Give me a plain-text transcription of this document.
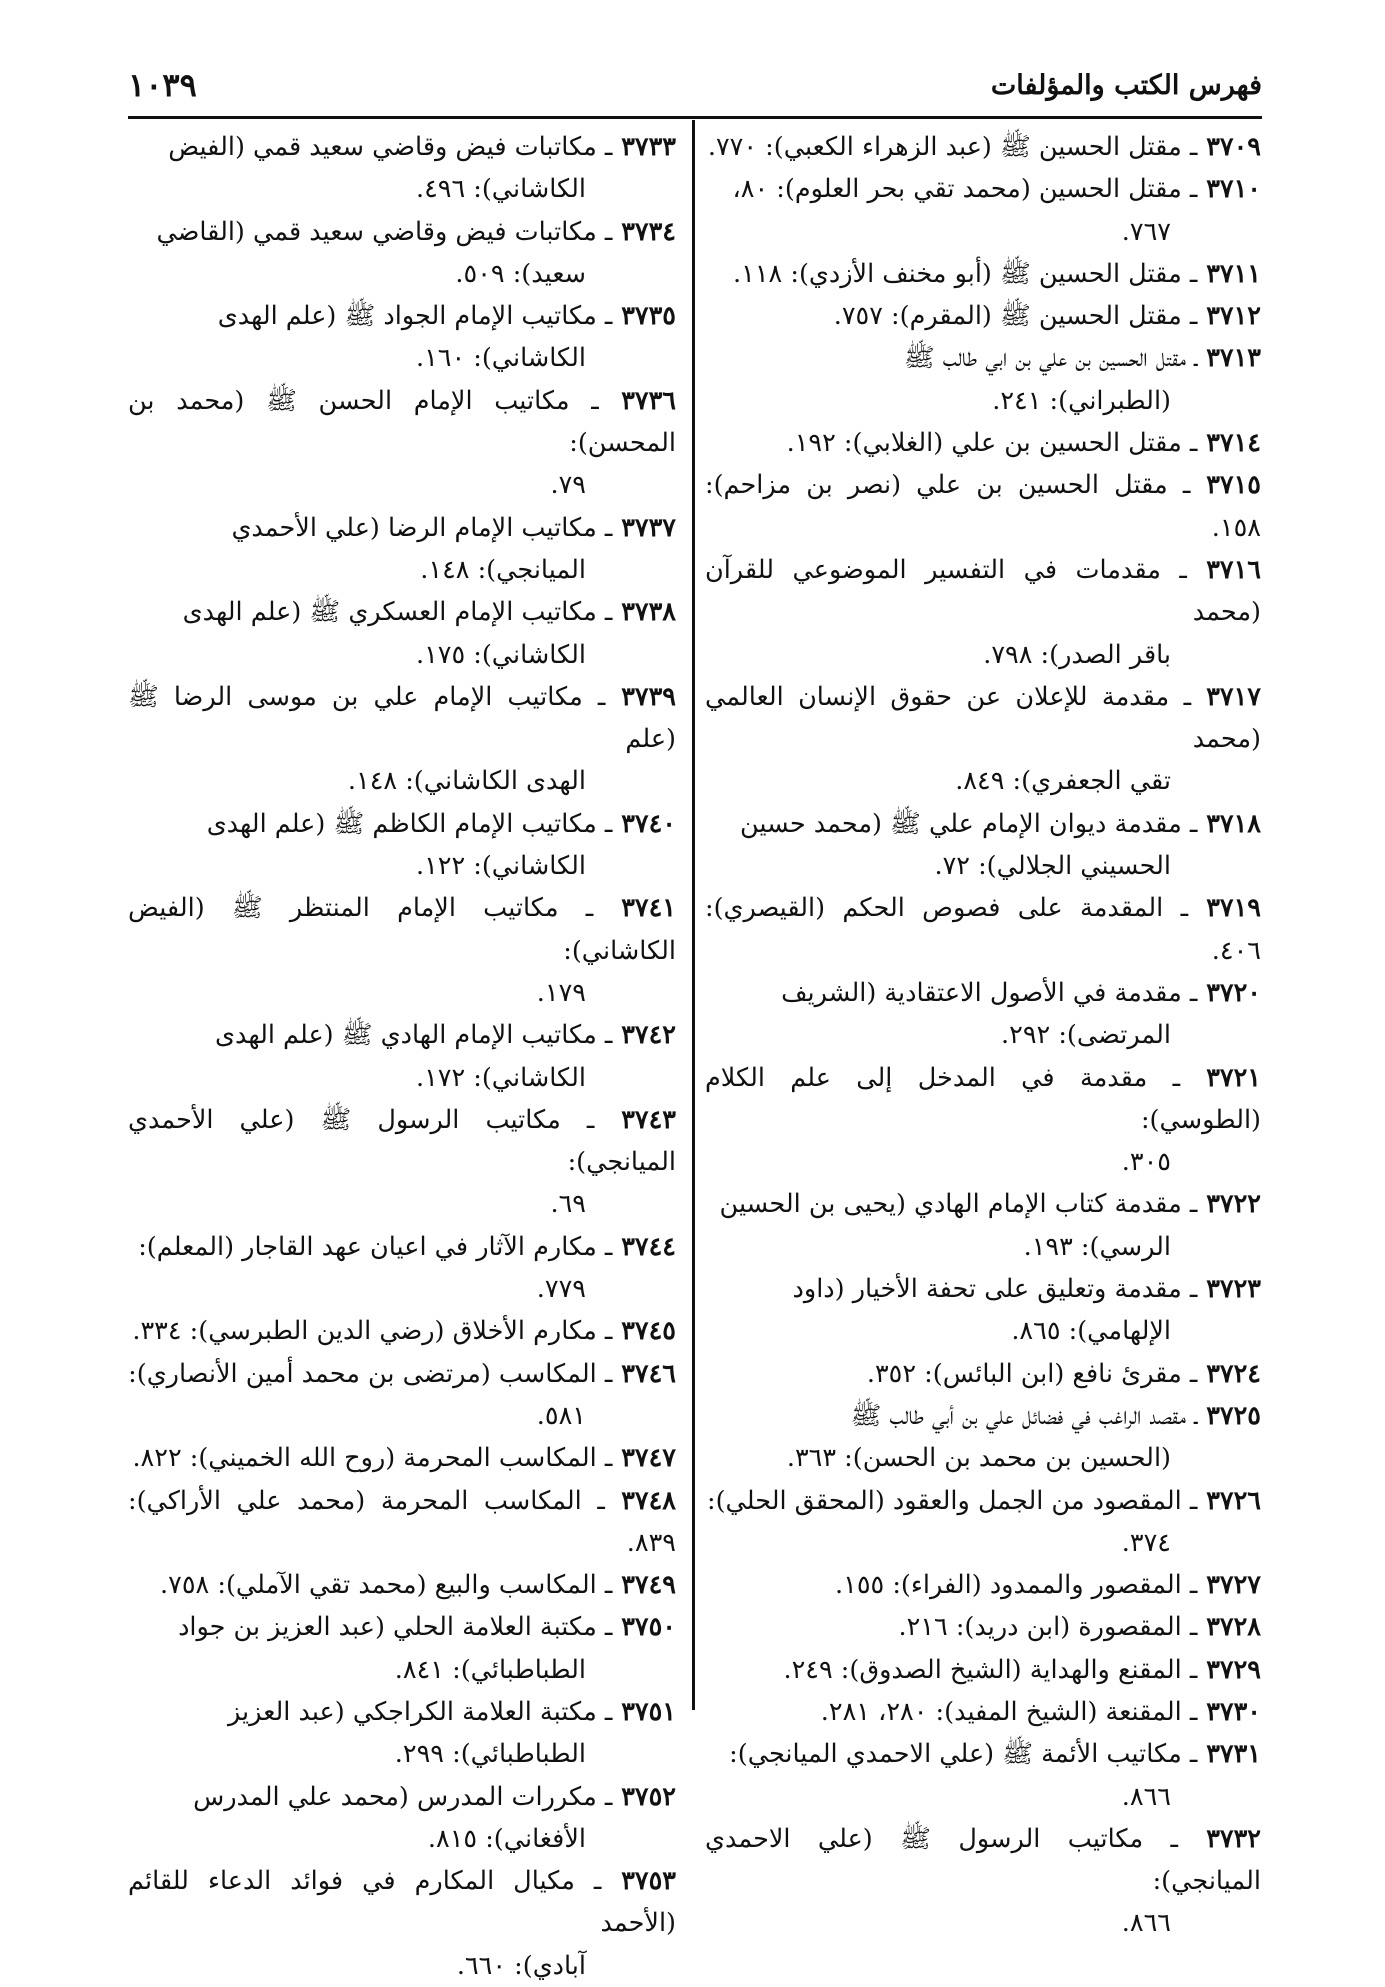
فهرس الكتب والمؤلفات
١٠٣٩

٣٧٠٩ ـ مقتل الحسين ﷺ (عبد الزهراء الكعبي): ٧٧٠.

٣٧١٠ ـ مقتل الحسين (محمد تقي بحر العلوم): ٨٠،
٧٦٧.

٣٧١١ ـ مقتل الحسين ﷺ (أبو مخنف الأزدي): ١١٨.

٣٧١٢ ـ مقتل الحسين ﷺ (المقرم): ٧٥٧.

٣٧١٣ ـ مقتل الحسين بن علي بن ابي طالب ﷺ
(الطبراني): ٢٤١.

٣٧١٤ ـ مقتل الحسين بن علي (الغلابي): ١٩٢.

٣٧١٥ ـ مقتل الحسين بن علي (نصر بن مزاحم): ١٥٨.

٣٧١٦ ـ مقدمات في التفسير الموضوعي للقرآن (محمد
باقر الصدر): ٧٩٨.

٣٧١٧ ـ مقدمة للإعلان عن حقوق الإنسان العالمي (محمد
تقي الجعفري): ٨٤٩.

٣٧١٨ ـ مقدمة ديوان الإمام علي ﷺ (محمد حسين
الحسيني الجلالي): ٧٢.

٣٧١٩ ـ المقدمة على فصوص الحكم (القيصري): ٤٠٦.

٣٧٢٠ ـ مقدمة في الأصول الاعتقادية (الشريف
المرتضى): ٢٩٢.

٣٧٢١ ـ مقدمة في المدخل إلى علم الكلام (الطوسي):
٣٠٥.

٣٧٢٢ ـ مقدمة كتاب الإمام الهادي (يحيى بن الحسين
الرسي): ١٩٣.

٣٧٢٣ ـ مقدمة وتعليق على تحفة الأخيار (داود
الإلهامي): ٨٦٥.

٣٧٢٤ ـ مقرئ نافع (ابن البائس): ٣٥٢.

٣٧٢٥ ـ مقصد الراغب في فضائل علي بن أبي طالب ﷺ
(الحسين بن محمد بن الحسن): ٣٦٣.

٣٧٢٦ ـ المقصود من الجمل والعقود (المحقق الحلي):
٣٧٤.

٣٧٢٧ ـ المقصور والممدود (الفراء): ١٥٥.

٣٧٢٨ ـ المقصورة (ابن دريد): ٢١٦.

٣٧٢٩ ـ المقنع والهداية (الشيخ الصدوق): ٢٤٩.

٣٧٣٠ ـ المقنعة (الشيخ المفيد): ٢٨٠، ٢٨١.

٣٧٣١ ـ مكاتيب الأئمة ﷺ (علي الاحمدي الميانجي):
٨٦٦.

٣٧٣٢ ـ مكاتيب الرسول ﷺ (علي الاحمدي الميانجي):
٨٦٦.

٣٧٣٣ ـ مكاتبات فيض وقاضي سعيد قمي (الفيض
الكاشاني): ٤٩٦.

٣٧٣٤ ـ مكاتبات فيض وقاضي سعيد قمي (القاضي
سعيد): ٥٠٩.

٣٧٣٥ ـ مكاتيب الإمام الجواد ﷺ (علم الهدى
الكاشاني): ١٦٠.

٣٧٣٦ ـ مكاتيب الإمام الحسن ﷺ (محمد بن المحسن):
٧٩.

٣٧٣٧ ـ مكاتيب الإمام الرضا (علي الأحمدي
الميانجي): ١٤٨.

٣٧٣٨ ـ مكاتيب الإمام العسكري ﷺ (علم الهدى
الكاشاني): ١٧٥.

٣٧٣٩ ـ مكاتيب الإمام علي بن موسى الرضا ﷺ (علم
الهدى الكاشاني): ١٤٨.

٣٧٤٠ ـ مكاتيب الإمام الكاظم ﷺ (علم الهدى
الكاشاني): ١٢٢.

٣٧٤١ ـ مكاتيب الإمام المنتظر ﷺ (الفيض الكاشاني):
١٧٩.

٣٧٤٢ ـ مكاتيب الإمام الهادي ﷺ (علم الهدى
الكاشاني): ١٧٢.

٣٧٤٣ ـ مكاتيب الرسول ﷺ (علي الأحمدي الميانجي):
٦٩.

٣٧٤٤ ـ مكارم الآثار في اعيان عهد القاجار (المعلم):
٧٧٩.

٣٧٤٥ ـ مكارم الأخلاق (رضي الدين الطبرسي): ٣٣٤.

٣٧٤٦ ـ المكاسب (مرتضى بن محمد أمين الأنصاري):
٥٨١.

٣٧٤٧ ـ المكاسب المحرمة (روح الله الخميني): ٨٢٢.

٣٧٤٨ ـ المكاسب المحرمة (محمد علي الأراكي): ٨٣٩.

٣٧٤٩ ـ المكاسب والبيع (محمد تقي الآملي): ٧٥٨.

٣٧٥٠ ـ مكتبة العلامة الحلي (عبد العزيز بن جواد
الطباطبائي): ٨٤١.

٣٧٥١ ـ مكتبة العلامة الكراجكي (عبد العزيز
الطباطبائي): ٢٩٩.

٣٧٥٢ ـ مكررات المدرس (محمد علي المدرس
الأفغاني): ٨١٥.

٣٧٥٣ ـ مكيال المكارم في فوائد الدعاء للقائم (الأحمد
آبادي): ٦٦٠.
